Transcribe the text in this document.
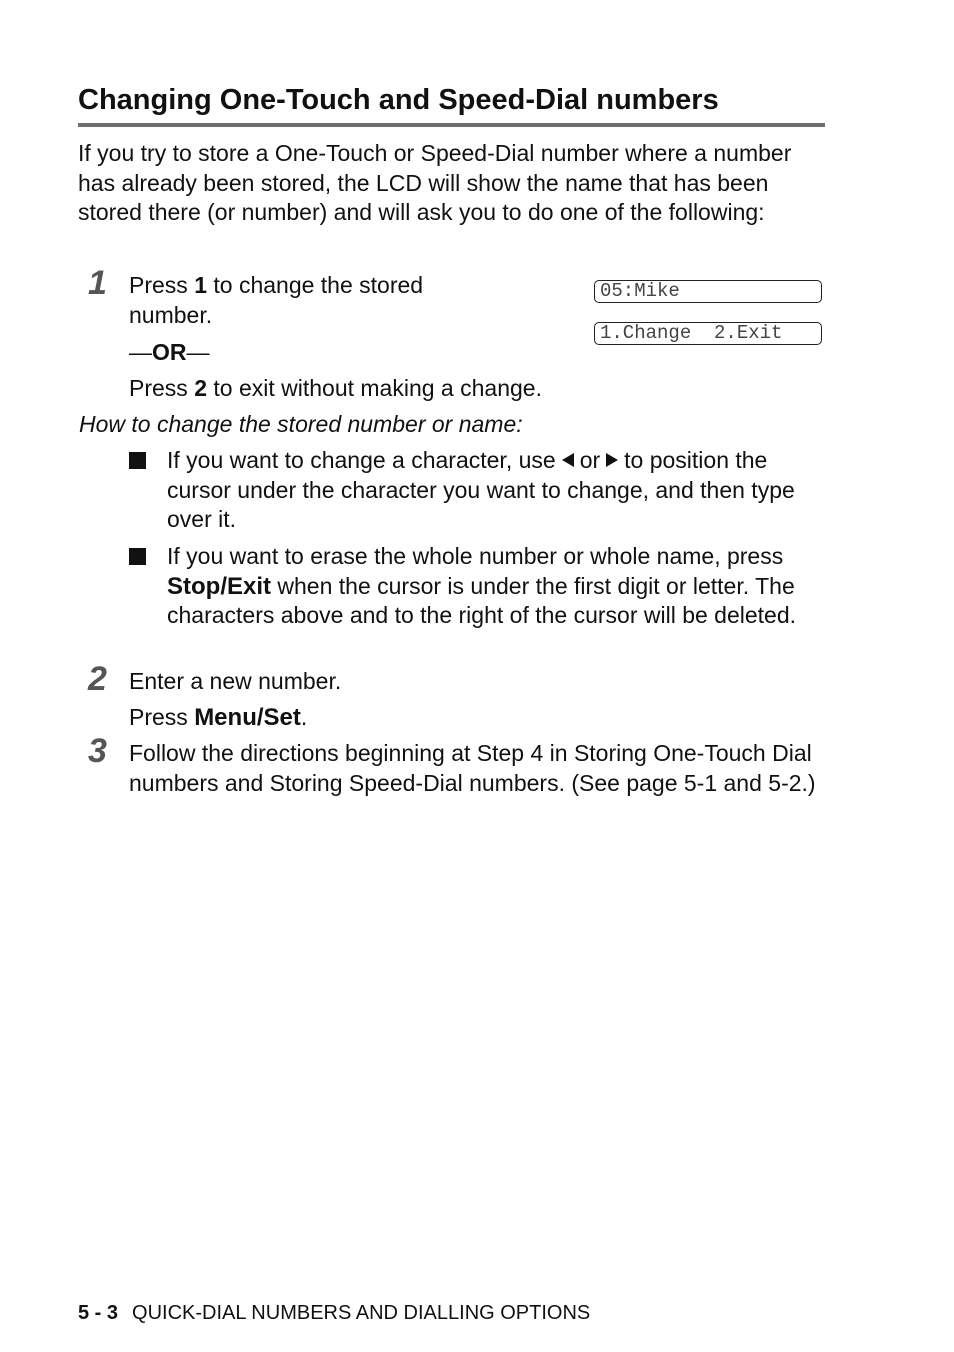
Changing One-Touch and Speed-Dial numbers

If you try to store a One-Touch or Speed-Dial number where a number has already been stored, the LCD will show the name that has been stored there (or number) and will ask you to do one of the following:

1 Press 1 to change the stored number.

—OR—

Press 2 to exit without making a change.

05:Mike
1.Change  2.Exit

How to change the stored number or name:

If you want to change a character, use or to position the cursor under the character you want to change, and then type over it.

If you want to erase the whole number or whole name, press Stop/Exit when the cursor is under the first digit or letter. The characters above and to the right of the cursor will be deleted.

2 Enter a new number.

Press Menu/Set.

3 Follow the directions beginning at Step 4 in Storing One-Touch Dial numbers and Storing Speed-Dial numbers. (See page 5-1 and 5-2.)

5 - 3 QUICK-DIAL NUMBERS AND DIALLING OPTIONS
